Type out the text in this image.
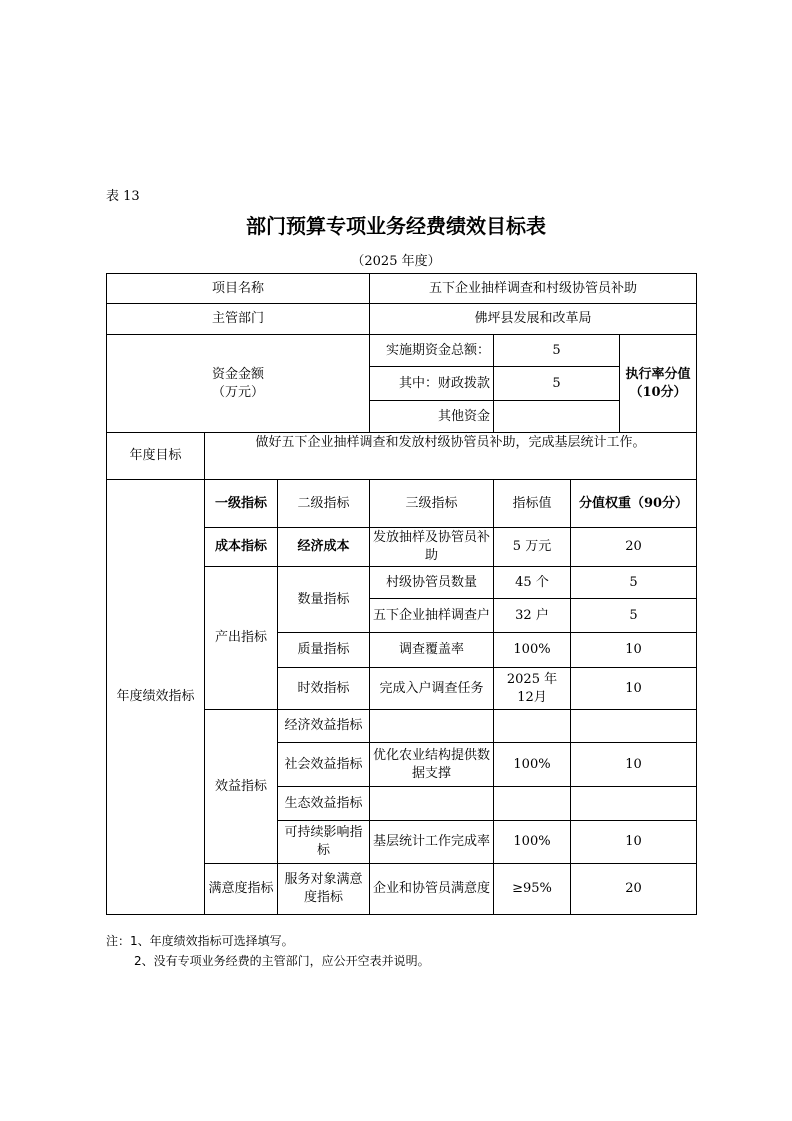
表 13
部门预算专项业务经费绩效目标表
（2025 年度）
项目名称			五下企业抽样调查和村级协管员补助			
主管部门			佛坪县发展和改革局			
资金金额
（万元）			实施期资金总额：	5		执行率分值（10分）
			其中：财政拨款	5		
			其他资金			
年度目标	做好五下企业抽样调查和发放村级协管员补助，完成基层统计工作。					
年度绩效指标	一级指标	二级指标	三级指标	指标值	分值权重（90分）	
	成本指标	经济成本	发放抽样及协管员补助	5 万元	20	
	产出指标	数量指标	村级协管员数量	45 个	5	
			五下企业抽样调查户	32 户	5	
		质量指标	调查覆盖率	100%	10	
		时效指标	完成入户调查任务	2025 年 12月	10	
	效益指标	经济效益指标				
		社会效益指标	优化农业结构提供数据支撑	100%	10	
		生态效益指标				
		可持续影响指标	基层统计工作完成率	100%	10	
	满意度指标	服务对象满意度指标	企业和协管员满意度	≥95%	20	
注：1、年度绩效指标可选择填写。
2、没有专项业务经费的主管部门，应公开空表并说明。
